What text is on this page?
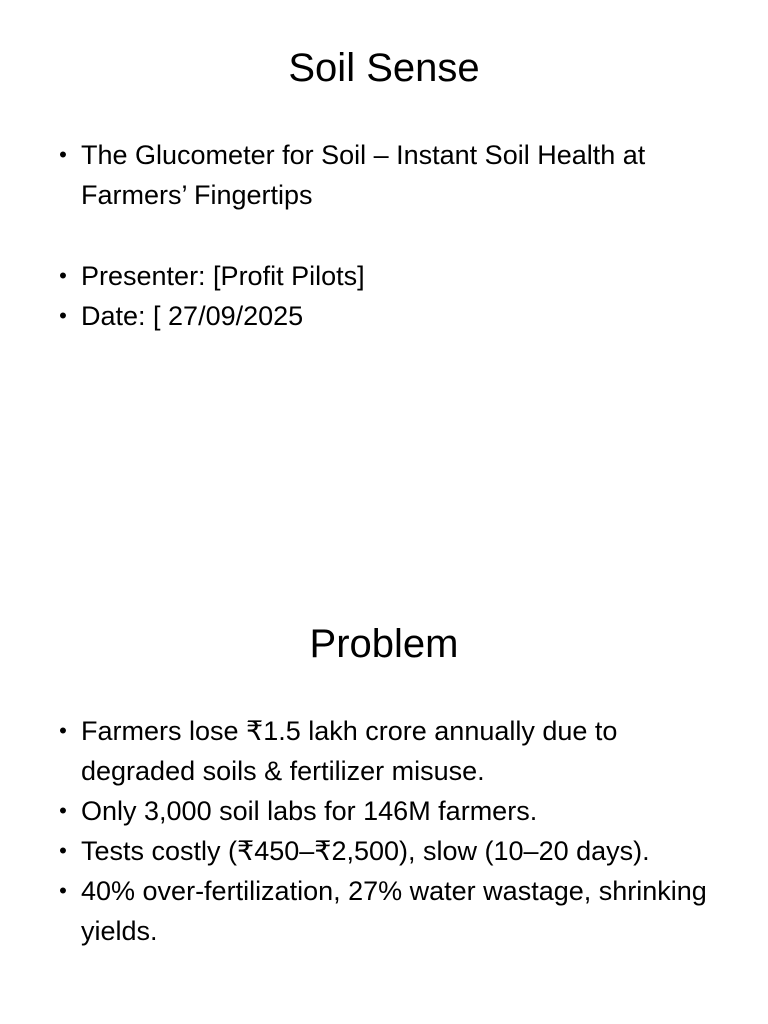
Soil Sense
• The Glucometer for Soil – Instant Soil Health at Farmers’ Fingertips
• Presenter: [Profit Pilots]
• Date: [ 27/09/2025
Problem
• Farmers lose ₹1.5 lakh crore annually due to degraded soils & fertilizer misuse.
• Only 3,000 soil labs for 146M farmers.
• Tests costly (₹450–₹2,500), slow (10–20 days).
• 40% over-fertilization, 27% water wastage, shrinking yields.
